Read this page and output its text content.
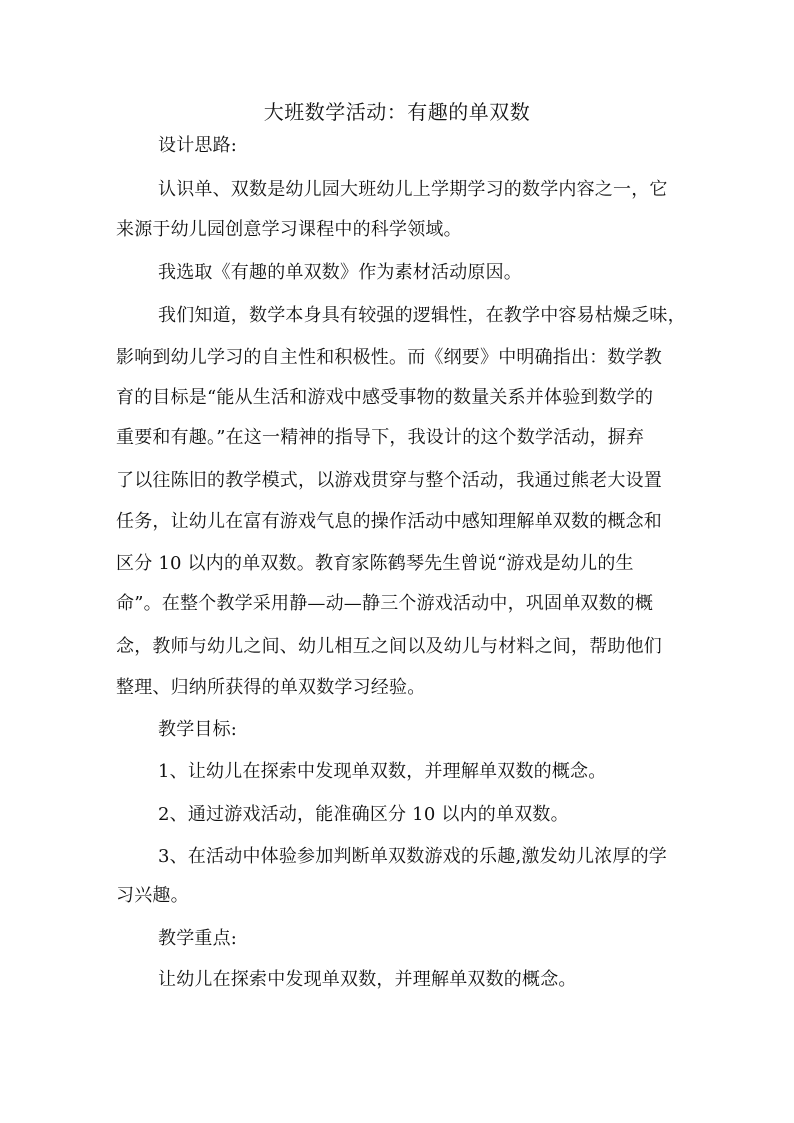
大班数学活动：有趣的单双数
设计思路:
认识单、双数是幼儿园大班幼儿上学期学习的数学内容之一，它
来源于幼儿园创意学习课程中的科学领域。
我选取《有趣的单双数》作为素材活动原因。
我们知道，数学本身具有较强的逻辑性，在教学中容易枯燥乏味，
影响到幼儿学习的自主性和积极性。而《纲要》中明确指出：数学教
育的目标是“能从生活和游戏中感受事物的数量关系并体验到数学的
重要和有趣。”在这一精神的指导下，我设计的这个数学活动，摒弃
了以往陈旧的教学模式，以游戏贯穿与整个活动，我通过熊老大设置
任务，让幼儿在富有游戏气息的操作活动中感知理解单双数的概念和
区分 10 以内的单双数。教育家陈鹤琴先生曾说“游戏是幼儿的生
命”。在整个教学采用静—动—静三个游戏活动中，巩固单双数的概
念，教师与幼儿之间、幼儿相互之间以及幼儿与材料之间，帮助他们
整理、归纳所获得的单双数学习经验。
教学目标:
1、让幼儿在探索中发现单双数，并理解单双数的概念。
2、通过游戏活动，能准确区分 10 以内的单双数。
3、在活动中体验参加判断单双数游戏的乐趣,激发幼儿浓厚的学
习兴趣。
教学重点:
让幼儿在探索中发现单双数，并理解单双数的概念。
